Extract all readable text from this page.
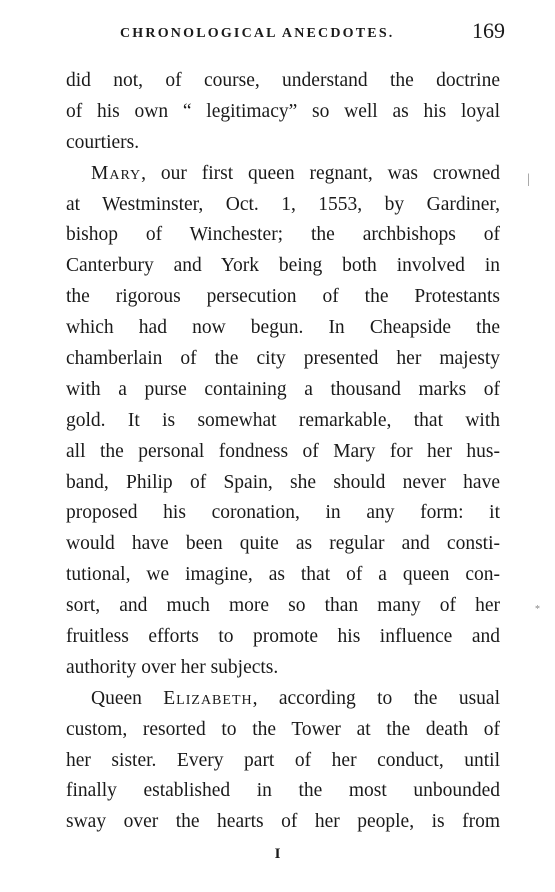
CHRONOLOGICAL ANECDOTES.	169
did not, of course, understand the doctrine
of his own “ legitimacy” so well as his loyal
courtiers.
Mary, our first queen regnant, was crowned
at Westminster, Oct. 1, 1553, by Gardiner,
bishop of Winchester; the archbishops of
Canterbury and York being both involved in
the rigorous persecution of the Protestants
which had now begun. In Cheapside the
chamberlain of the city presented her majesty
with a purse containing a thousand marks of
gold. It is somewhat remarkable, that with
all the personal fondness of Mary for her hus-
band, Philip of Spain, she should never have
proposed his coronation, in any form: it
would have been quite as regular and consti-
tutional, we imagine, as that of a queen con-
sort, and much more so than many of her
fruitless efforts to promote his influence and
authority over her subjects.
Queen Elizabeth, according to the usual
custom, resorted to the Tower at the death of
her sister. Every part of her conduct, until
finally established in the most unbounded
sway over the hearts of her people, is from
I
|
*
